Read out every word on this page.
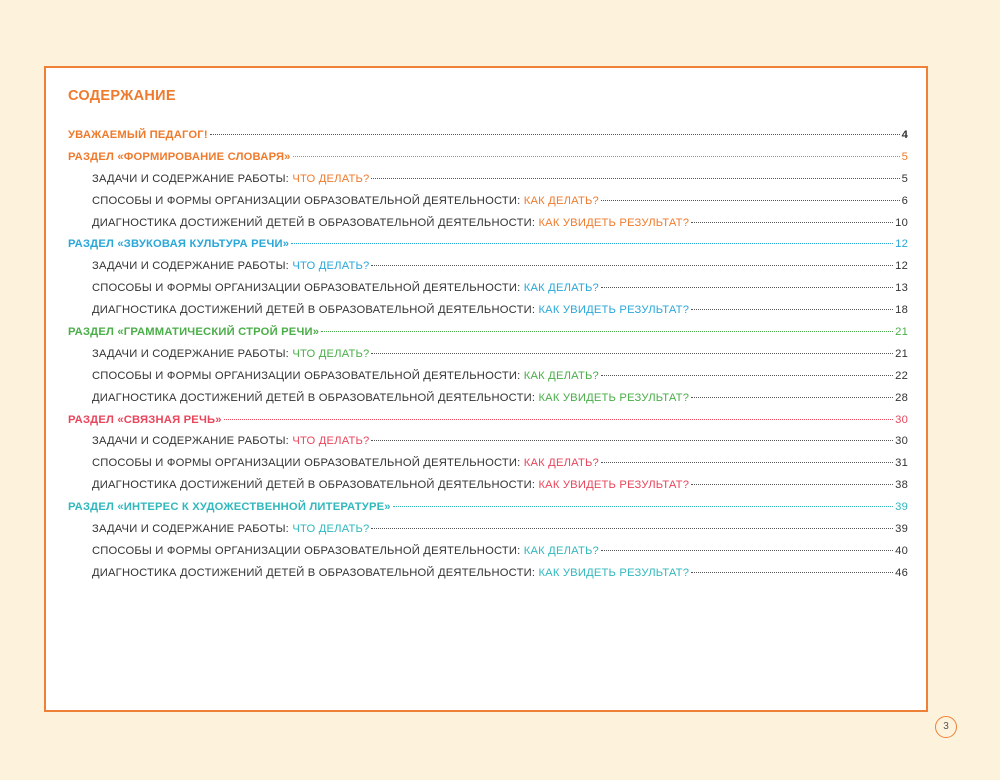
СОДЕРЖАНИЕ
УВАЖАЕМЫЙ ПЕДАГОГ!	4
РАЗДЕЛ «ФОРМИРОВАНИЕ СЛОВАРЯ»	5
ЗАДАЧИ И СОДЕРЖАНИЕ РАБОТЫ: ЧТО ДЕЛАТЬ?	5
СПОСОБЫ И ФОРМЫ ОРГАНИЗАЦИИ ОБРАЗОВАТЕЛЬНОЙ ДЕЯТЕЛЬНОСТИ: КАК ДЕЛАТЬ?	6
ДИАГНОСТИКА ДОСТИЖЕНИЙ ДЕТЕЙ В ОБРАЗОВАТЕЛЬНОЙ ДЕЯТЕЛЬНОСТИ: КАК УВИДЕТЬ РЕЗУЛЬТАТ?	10
РАЗДЕЛ «ЗВУКОВАЯ КУЛЬТУРА РЕЧИ»	12
ЗАДАЧИ И СОДЕРЖАНИЕ РАБОТЫ: ЧТО ДЕЛАТЬ?	12
СПОСОБЫ И ФОРМЫ ОРГАНИЗАЦИИ ОБРАЗОВАТЕЛЬНОЙ ДЕЯТЕЛЬНОСТИ: КАК ДЕЛАТЬ?	13
ДИАГНОСТИКА ДОСТИЖЕНИЙ ДЕТЕЙ В ОБРАЗОВАТЕЛЬНОЙ ДЕЯТЕЛЬНОСТИ: КАК УВИДЕТЬ РЕЗУЛЬТАТ?	18
РАЗДЕЛ «ГРАММАТИЧЕСКИЙ СТРОЙ РЕЧИ»	21
ЗАДАЧИ И СОДЕРЖАНИЕ РАБОТЫ: ЧТО ДЕЛАТЬ?	21
СПОСОБЫ И ФОРМЫ ОРГАНИЗАЦИИ ОБРАЗОВАТЕЛЬНОЙ ДЕЯТЕЛЬНОСТИ: КАК ДЕЛАТЬ?	22
ДИАГНОСТИКА ДОСТИЖЕНИЙ ДЕТЕЙ В ОБРАЗОВАТЕЛЬНОЙ ДЕЯТЕЛЬНОСТИ: КАК УВИДЕТЬ РЕЗУЛЬТАТ?	28
РАЗДЕЛ «СВЯЗНАЯ РЕЧЬ»	30
ЗАДАЧИ И СОДЕРЖАНИЕ РАБОТЫ: ЧТО ДЕЛАТЬ?	30
СПОСОБЫ И ФОРМЫ ОРГАНИЗАЦИИ ОБРАЗОВАТЕЛЬНОЙ ДЕЯТЕЛЬНОСТИ: КАК ДЕЛАТЬ?	31
ДИАГНОСТИКА ДОСТИЖЕНИЙ ДЕТЕЙ В ОБРАЗОВАТЕЛЬНОЙ ДЕЯТЕЛЬНОСТИ: КАК УВИДЕТЬ РЕЗУЛЬТАТ?	38
РАЗДЕЛ «ИНТЕРЕС К ХУДОЖЕСТВЕННОЙ ЛИТЕРАТУРЕ»	39
ЗАДАЧИ И СОДЕРЖАНИЕ РАБОТЫ: ЧТО ДЕЛАТЬ?	39
СПОСОБЫ И ФОРМЫ ОРГАНИЗАЦИИ ОБРАЗОВАТЕЛЬНОЙ ДЕЯТЕЛЬНОСТИ: КАК ДЕЛАТЬ?	40
ДИАГНОСТИКА ДОСТИЖЕНИЙ ДЕТЕЙ В ОБРАЗОВАТЕЛЬНОЙ ДЕЯТЕЛЬНОСТИ: КАК УВИДЕТЬ РЕЗУЛЬТАТ?	46
3
